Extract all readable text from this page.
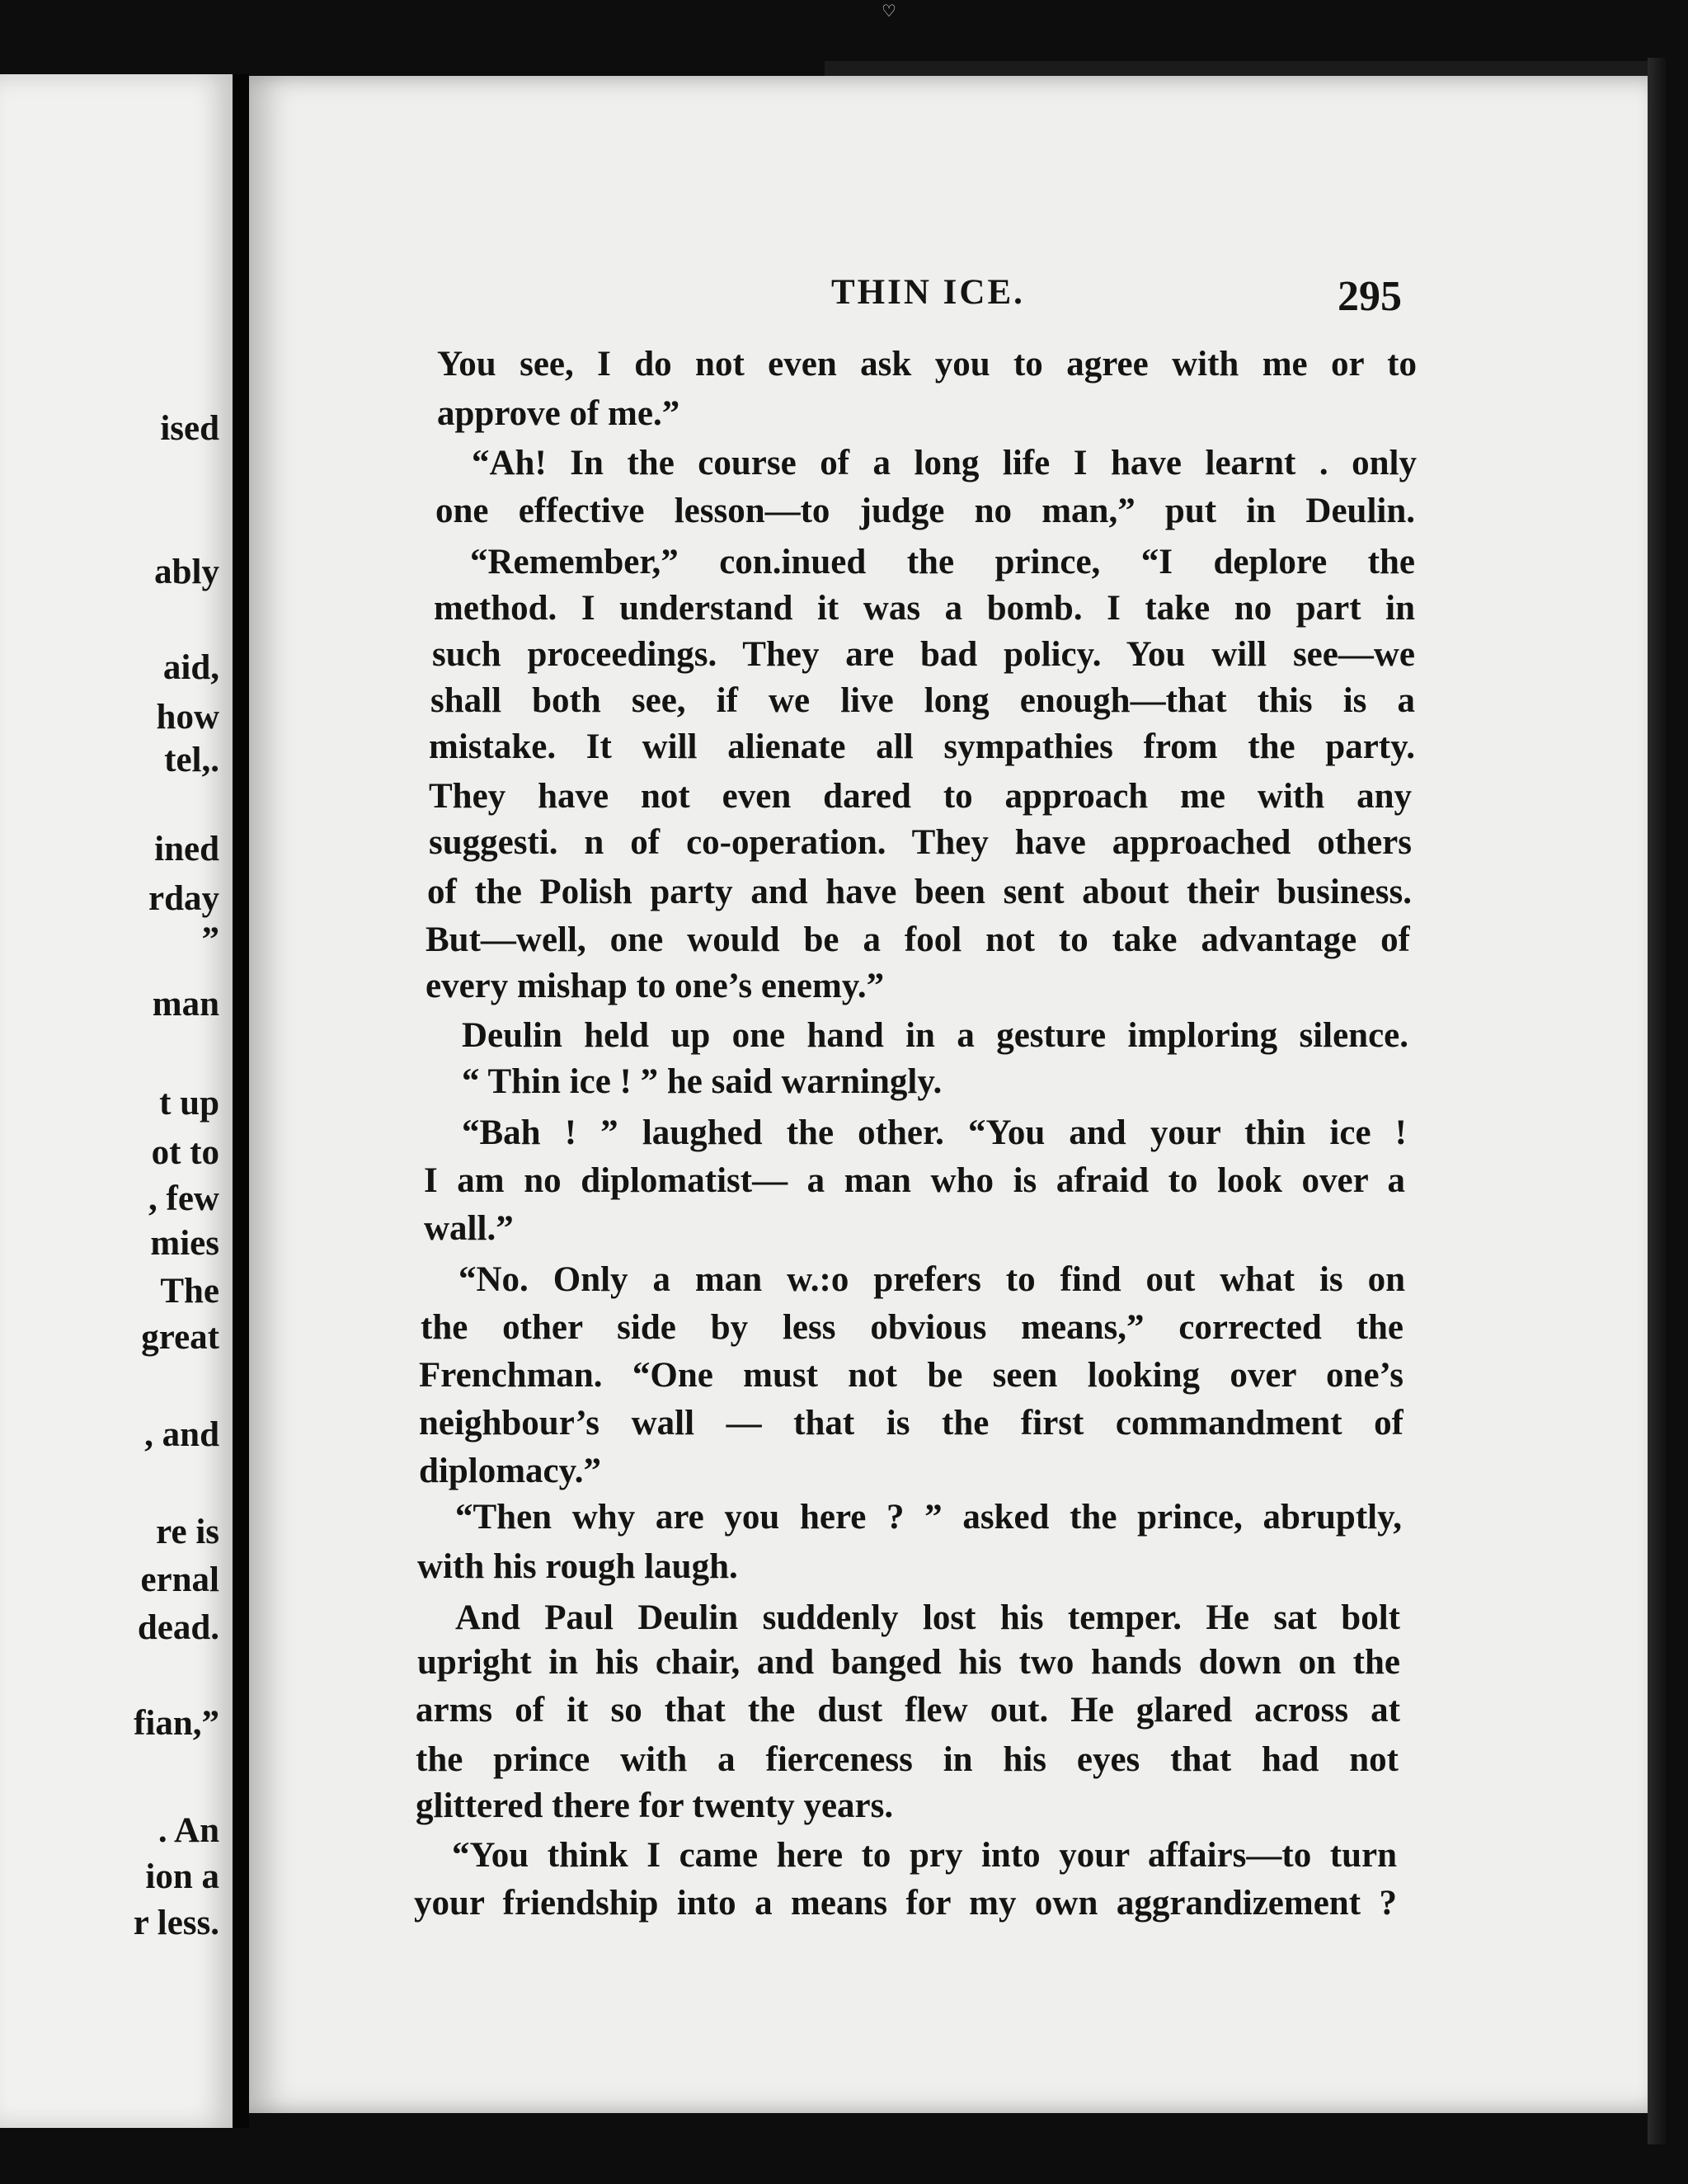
ised
ably
aid,
how
tel,.
ined
rday
”
man
t up
ot to
, few
mies
The
great
, and
re is
ernal
dead.
fian,”
. An
ion a
r less.
♡
THIN ICE.	295
You see, I do not even ask you to agree with me or to
approve of me.”
“Ah! In the course of a long life I have learnt . only
one effective lesson—to judge no man,” put in Deulin.
“Remember,” con.inued the prince, “I deplore the
method. I understand it was a bomb. I take no part in
such proceedings. They are bad policy. You will see—we
shall both see, if we live long enough—that this is a
mistake. It will alienate all sympathies from the party.
They have not even dared to approach me with any
suggesti. n of co-operation. They have approached others
of the Polish party and have been sent about their business.
But—well, one would be a fool not to take advantage of
every mishap to one’s enemy.”
Deulin held up one hand in a gesture imploring silence.
“ Thin ice ! ” he said warningly.
“Bah ! ” laughed the other. “You and your thin ice !
I am no diplomatist— a man who is afraid to look over a
wall.”
“No. Only a man w.:o prefers to find out what is on
the other side by less obvious means,” corrected the
Frenchman. “One must not be seen looking over one’s
neighbour’s wall — that is the first commandment of
diplomacy.”
“Then why are you here ? ” asked the prince, abruptly,
with his rough laugh.
And Paul Deulin suddenly lost his temper. He sat bolt
upright in his chair, and banged his two hands down on the
arms of it so that the dust flew out. He glared across at
the prince with a fierceness in his eyes that had not
glittered there for twenty years.
“You think I came here to pry into your affairs—to turn
your friendship into a means for my own aggrandizement ?
